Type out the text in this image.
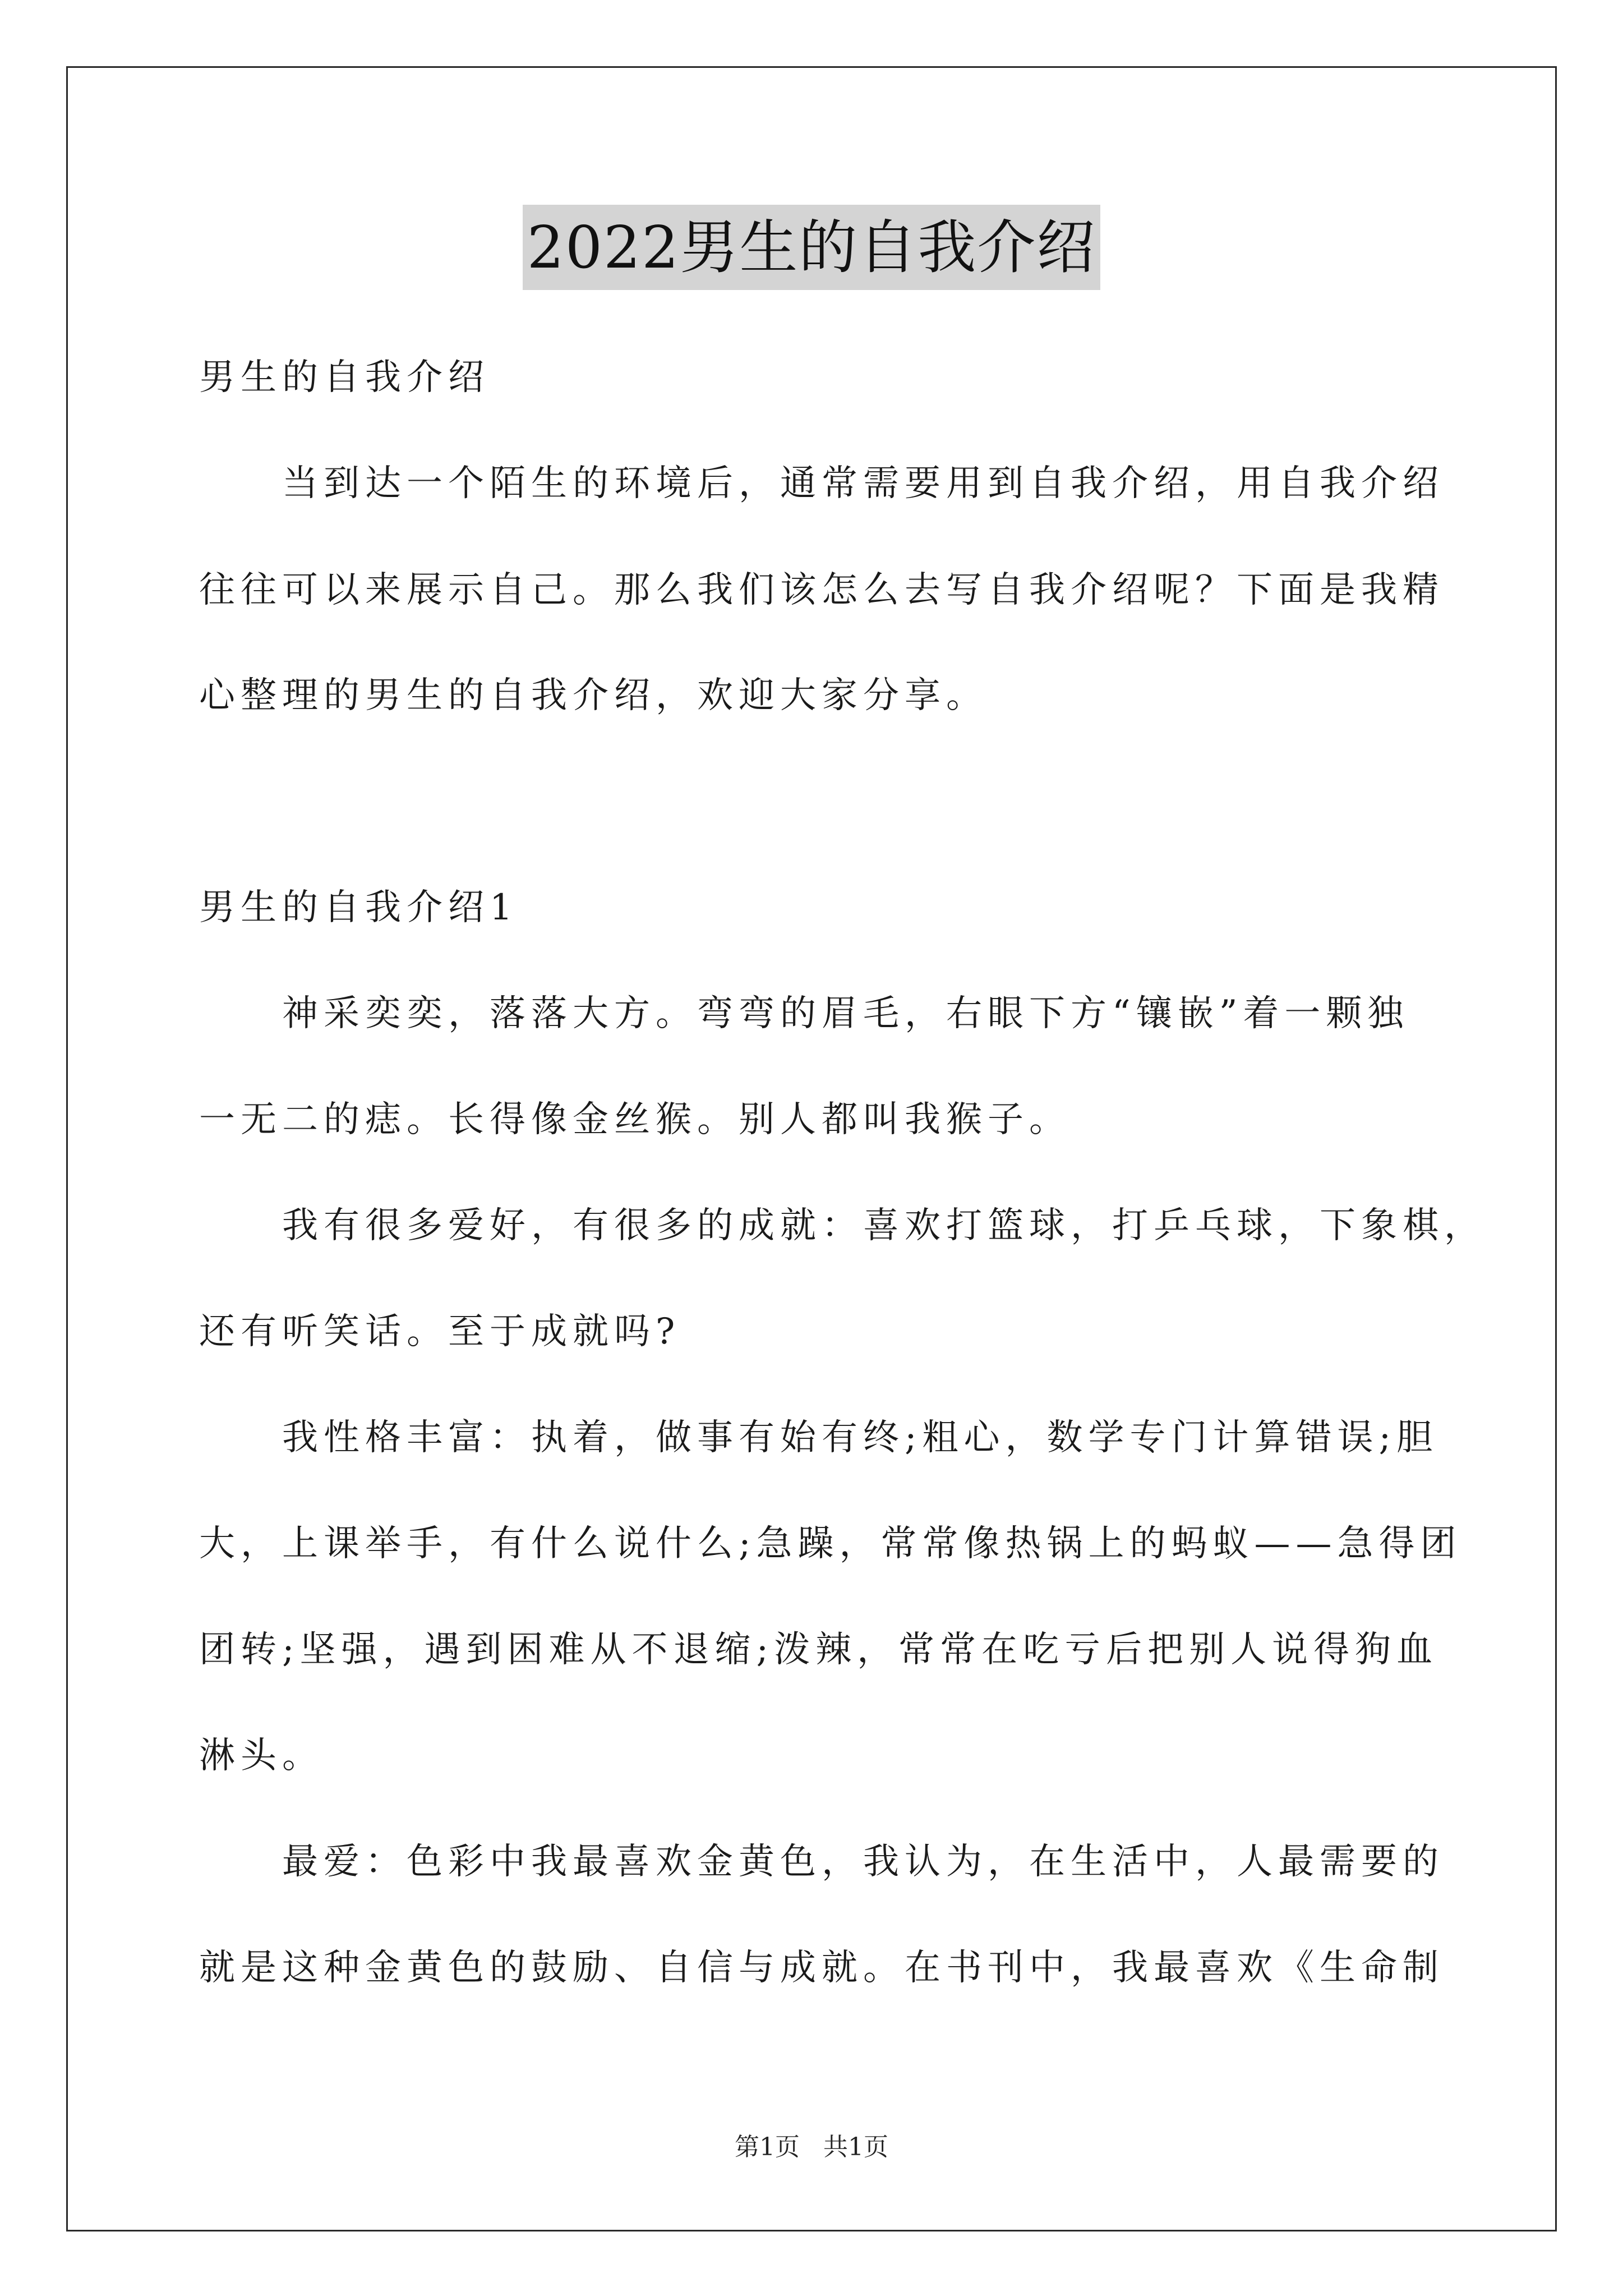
2022男生的自我介绍
男生的自我介绍
当到达一个陌生的环境后，通常需要用到自我介绍，用自我介绍
往往可以来展示自己。那么我们该怎么去写自我介绍呢？下面是我精
心整理的男生的自我介绍，欢迎大家分享。
男生的自我介绍1
神采奕奕，落落大方。弯弯的眉毛，右眼下方“镶嵌”着一颗独
一无二的痣。长得像金丝猴。别人都叫我猴子。
我有很多爱好，有很多的成就：喜欢打篮球，打乒乓球，下象棋，
还有听笑话。至于成就吗?
我性格丰富：执着，做事有始有终;粗心，数学专门计算错误;胆
大，上课举手，有什么说什么;急躁，常常像热锅上的蚂蚁——急得团
团转;坚强，遇到困难从不退缩;泼辣，常常在吃亏后把别人说得狗血
淋头。
最爱：色彩中我最喜欢金黄色，我认为，在生活中，人最需要的
就是这种金黄色的鼓励、自信与成就。在书刊中，我最喜欢《生命制
第1页 共1页
